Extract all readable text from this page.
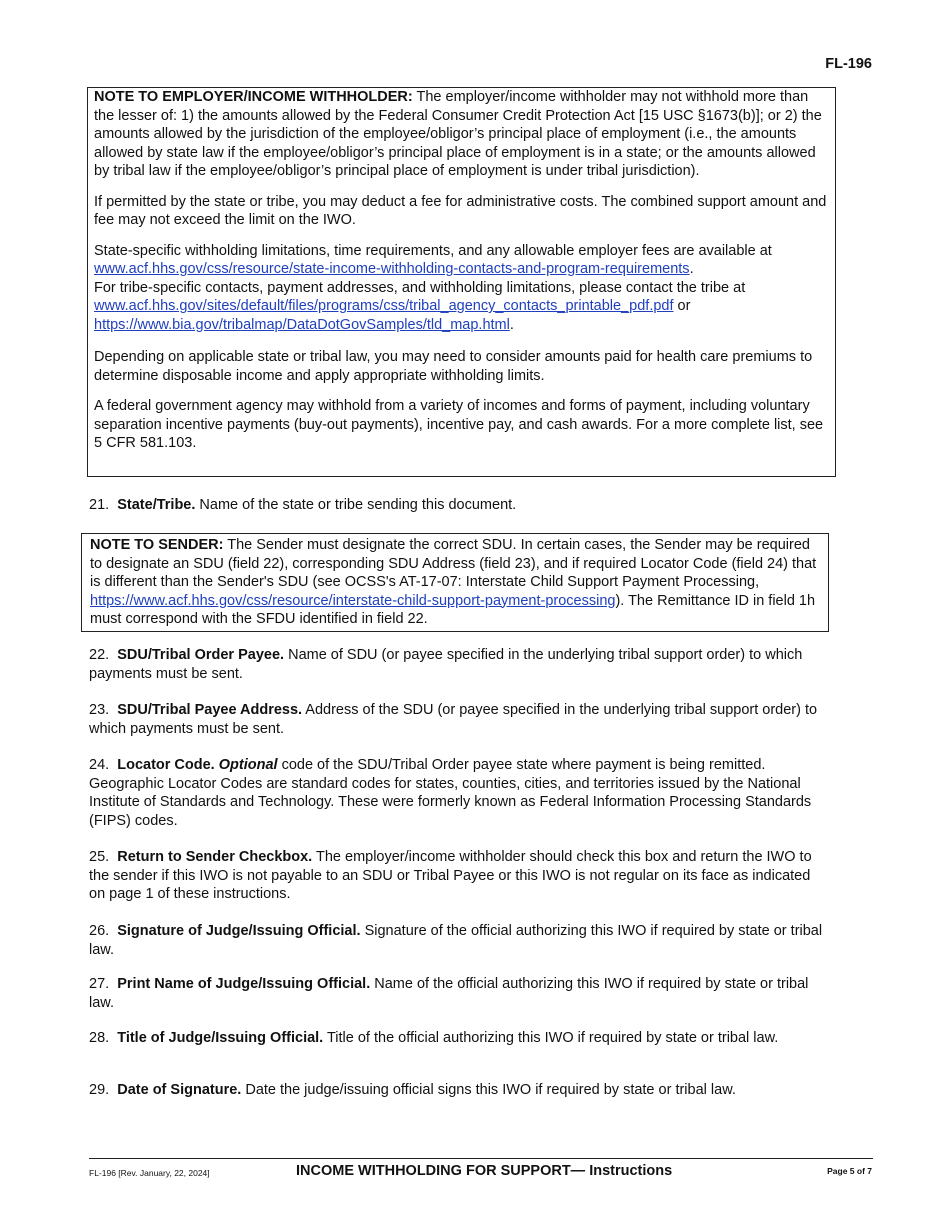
FL-196

NOTE TO EMPLOYER/INCOME WITHHOLDER: The employer/income withholder may not withhold more than the lesser of: 1) the amounts allowed by the Federal Consumer Credit Protection Act [15 USC §1673(b)]; or 2) the amounts allowed by the jurisdiction of the employee/obligor’s principal place of employment (i.e., the amounts allowed by state law if the employee/obligor’s principal place of employment is in a state; or the amounts allowed by tribal law if the employee/obligor’s principal place of employment is under tribal jurisdiction).

If permitted by the state or tribe, you may deduct a fee for administrative costs. The combined support amount and fee may not exceed the limit on the IWO.

State-specific withholding limitations, time requirements, and any allowable employer fees are available at
www.acf.hhs.gov/css/resource/state-income-withholding-contacts-and-program-requirements.
For tribe-specific contacts, payment addresses, and withholding limitations, please contact the tribe at
www.acf.hhs.gov/sites/default/files/programs/css/tribal_agency_contacts_printable_pdf.pdf or
https://www.bia.gov/tribalmap/DataDotGovSamples/tld_map.html.

Depending on applicable state or tribal law, you may need to consider amounts paid for health care premiums to determine disposable income and apply appropriate withholding limits.

A federal government agency may withhold from a variety of incomes and forms of payment, including voluntary separation incentive payments (buy-out payments), incentive pay, and cash awards. For a more complete list, see 5 CFR 581.103.

21. State/Tribe. Name of the state or tribe sending this document.

NOTE TO SENDER: The Sender must designate the correct SDU. In certain cases, the Sender may be required to designate an SDU (field 22), corresponding SDU Address (field 23), and if required Locator Code (field 24) that is different than the Sender's SDU (see OCSS's AT-17-07: Interstate Child Support Payment Processing, https://www.acf.hhs.gov/css/resource/interstate-child-support-payment-processing). The Remittance ID in field 1h must correspond with the SFDU identified in field 22.

22. SDU/Tribal Order Payee. Name of SDU (or payee specified in the underlying tribal support order) to which payments must be sent.

23. SDU/Tribal Payee Address. Address of the SDU (or payee specified in the underlying tribal support order) to which payments must be sent.

24. Locator Code. Optional code of the SDU/Tribal Order payee state where payment is being remitted. Geographic Locator Codes are standard codes for states, counties, cities, and territories issued by the National Institute of Standards and Technology. These were formerly known as Federal Information Processing Standards (FIPS) codes.

25. Return to Sender Checkbox. The employer/income withholder should check this box and return the IWO to the sender if this IWO is not payable to an SDU or Tribal Payee or this IWO is not regular on its face as indicated on page 1 of these instructions.

26. Signature of Judge/Issuing Official. Signature of the official authorizing this IWO if required by state or tribal law.

27. Print Name of Judge/Issuing Official. Name of the official authorizing this IWO if required by state or tribal law.

28. Title of Judge/Issuing Official. Title of the official authorizing this IWO if required by state or tribal law.

29. Date of Signature. Date the judge/issuing official signs this IWO if required by state or tribal law.

FL-196 [Rev. January, 22, 2024]	INCOME WITHHOLDING FOR SUPPORT— Instructions	Page 5 of 7
